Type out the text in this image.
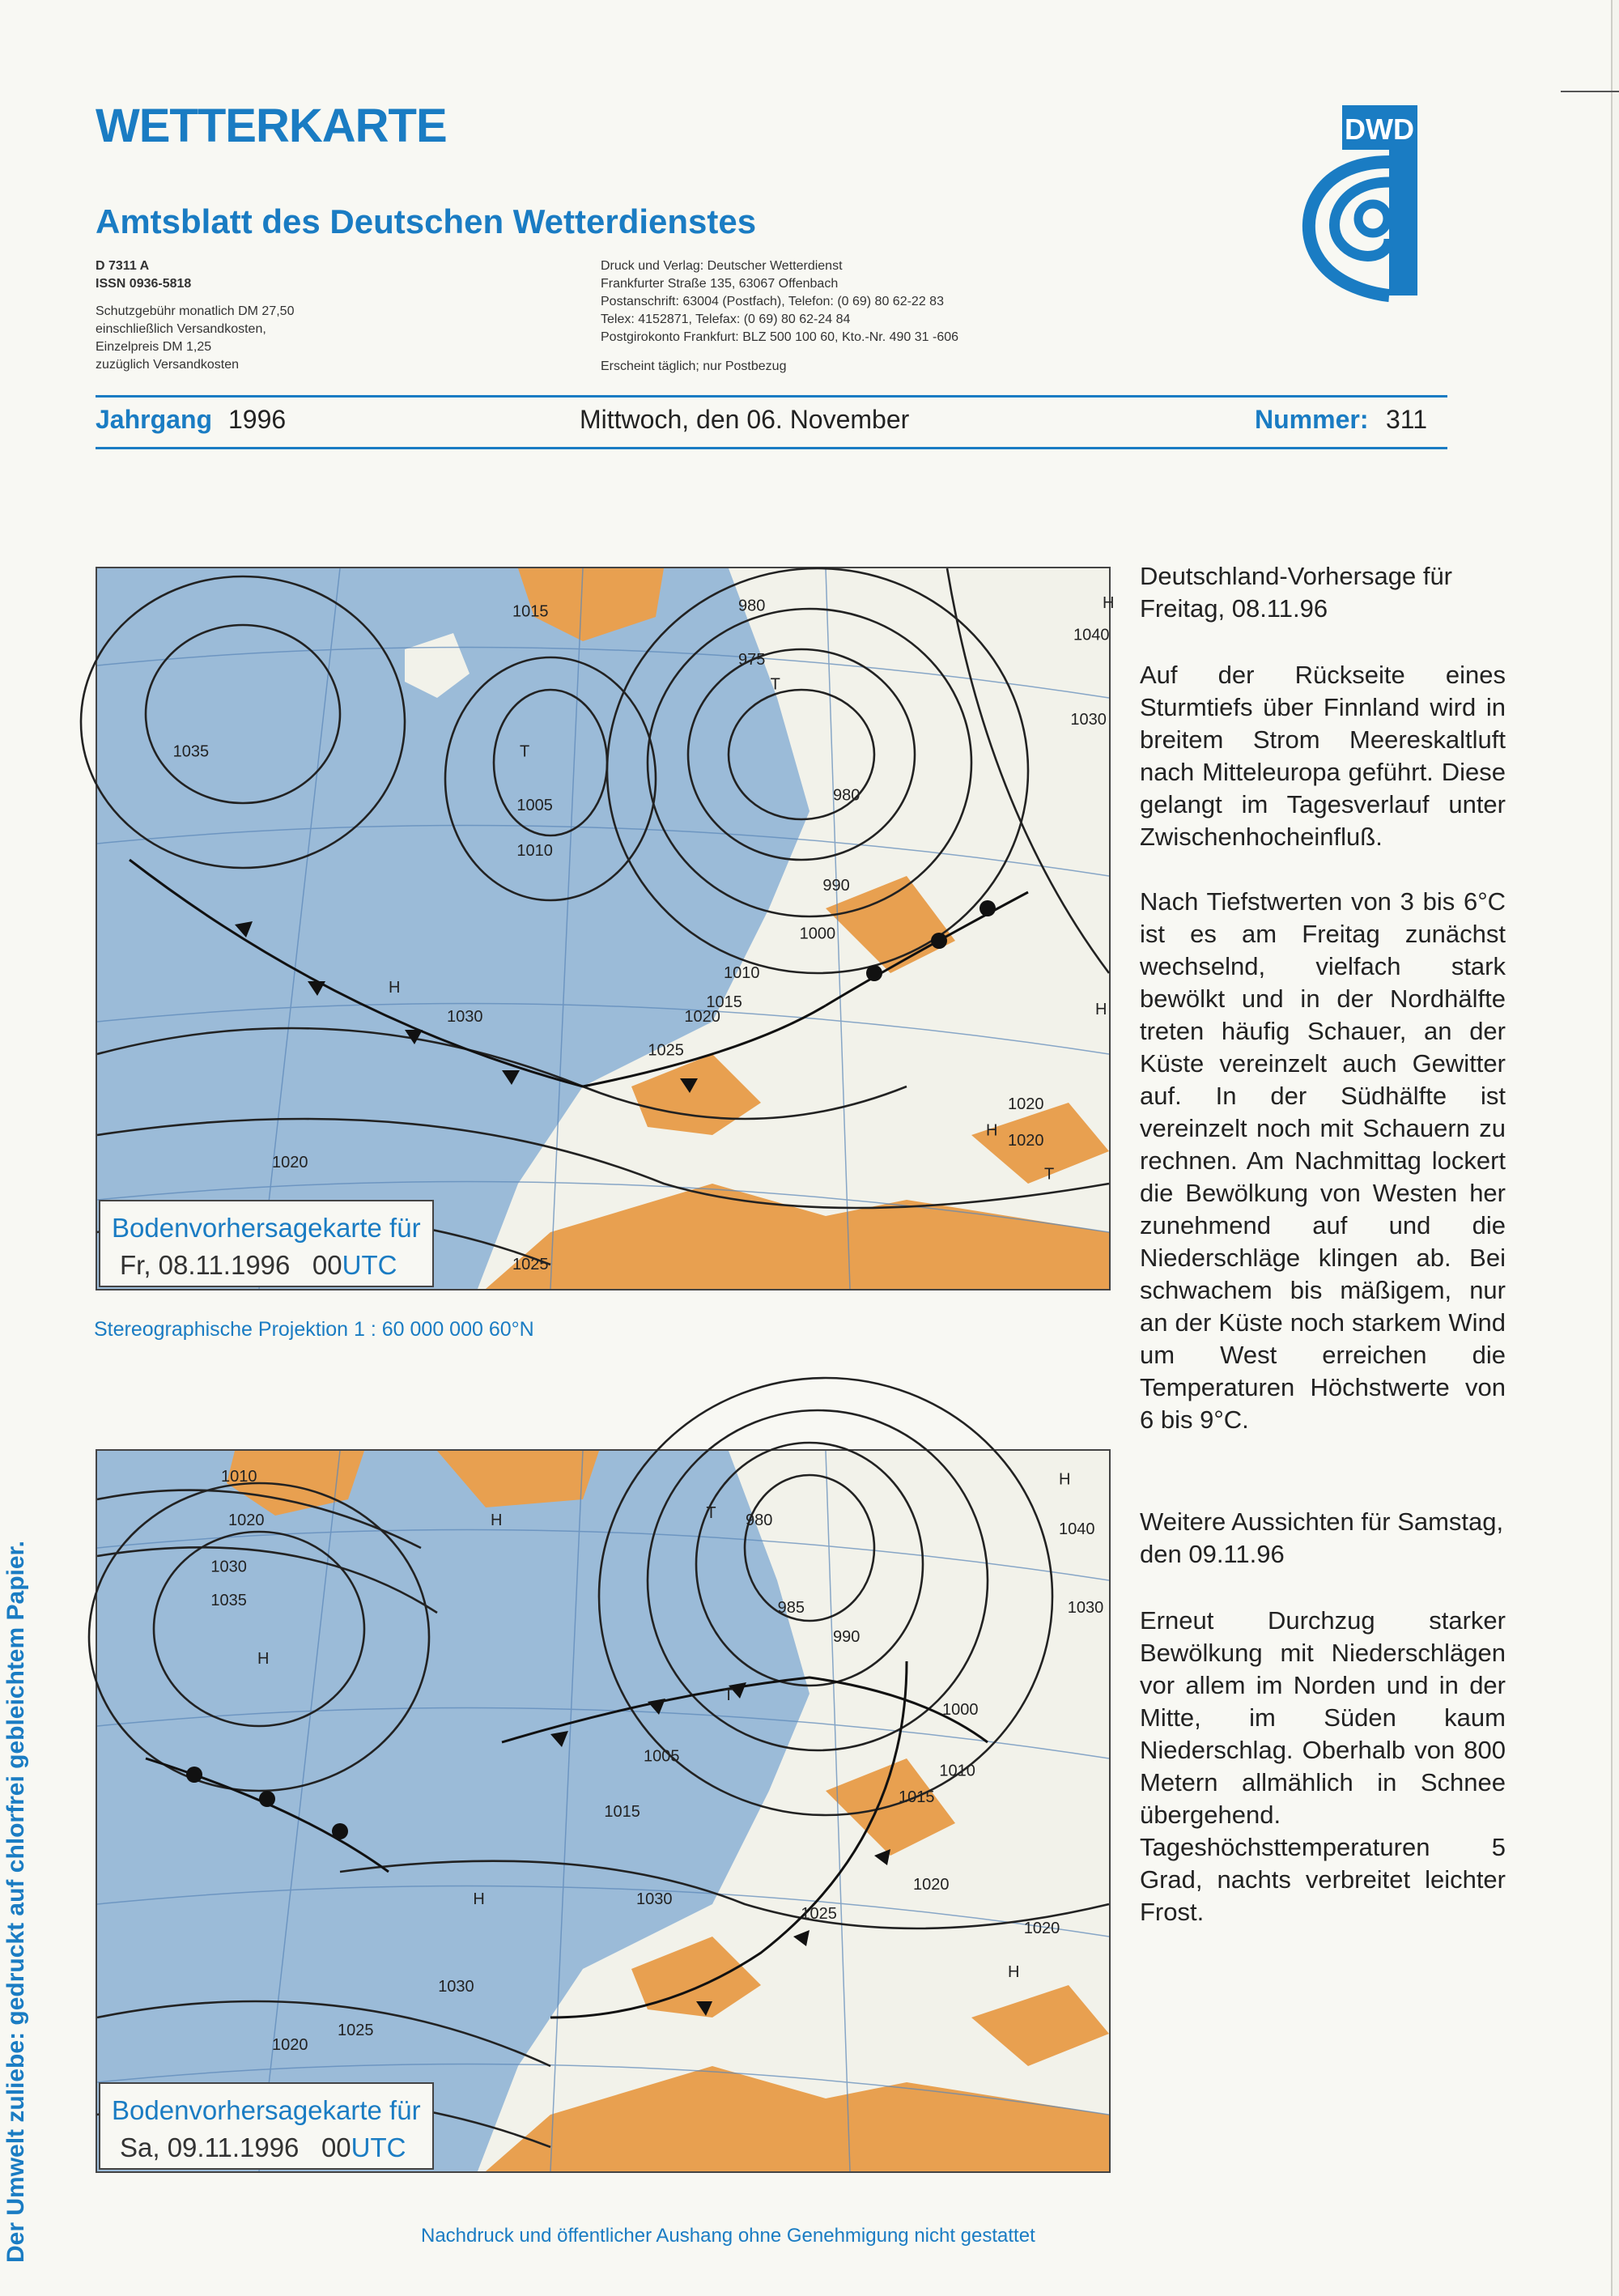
WETTERKARTE
Amtsblatt des Deutschen Wetterdienstes
D 7311 A
ISSN 0936-5818
Schutzgebühr monatlich DM 27,50
einschließlich Versandkosten,
Einzelpreis DM 1,25
zuzüglich Versandkosten
Druck und Verlag: Deutscher Wetterdienst
Frankfurter Straße 135, 63067 Offenbach
Postanschrift: 63004 (Postfach), Telefon: (0 69) 80 62-22 83
Telex: 4152871, Telefax: (0 69) 80 62-24 84
Postgirokonto Frankfurt: BLZ 500 100 60, Kto.-Nr. 490 31 -606
Erscheint täglich; nur Postbezug
DWD
Jahrgang 1996	Mittwoch, den 06. November	Nummer: 311
1015	980
975
T
H
1040
1030
1035
1005
1010
T
980
990
1000
1010
1015
1020
1025
1030
H
H
1020
1020
T
1025
1020
H
Bodenvorhersagekarte für
Fr, 08.11.1996 00UTC
Stereographische Projektion 1 : 60 000 000 60°N
1010
1020
1030
1035
H
H	T 980
H
1040
985
990
1030
T
1000
1005
1010
1015
1015
1020
1025
1030
H
1030
1020
H
1025
1020
Bodenvorhersagekarte für
Sa, 09.11.1996 00UTC
Deutschland-Vorhersage für Freitag, 08.11.96

Auf der Rückseite eines Sturmtiefs über Finnland wird in breitem Strom Meereskaltluft nach Mitteleuropa geführt. Diese gelangt im Tagesverlauf unter Zwischenhocheinfluß.

Nach Tiefstwerten von 3 bis 6°C ist es am Freitag zunächst wechselnd, vielfach stark bewölkt und in der Nordhälfte treten häufig Schauer, an der Küste vereinzelt auch Gewitter auf. In der Südhälfte ist vereinzelt noch mit Schauern zu rechnen. Am Nachmittag lockert die Bewölkung von Westen her zunehmend auf und die Niederschläge klingen ab. Bei schwachem bis mäßigem, nur an der Küste noch starkem Wind um West erreichen die Temperaturen Höchstwerte von 6 bis 9°C.

Weitere Aussichten für Samstag, den 09.11.96

Erneut Durchzug starker Bewölkung mit Niederschlägen vor allem im Norden und in der Mitte, im Süden kaum Niederschlag. Oberhalb von 800 Metern allmählich in Schnee übergehend. Tageshöchsttemperaturen 5 Grad, nachts verbreitet leichter Frost.

Nachdruck und öffentlicher Aushang ohne Genehmigung nicht gestattet
Der Umwelt zuliebe: gedruckt auf chlorfrei gebleichtem Papier.
